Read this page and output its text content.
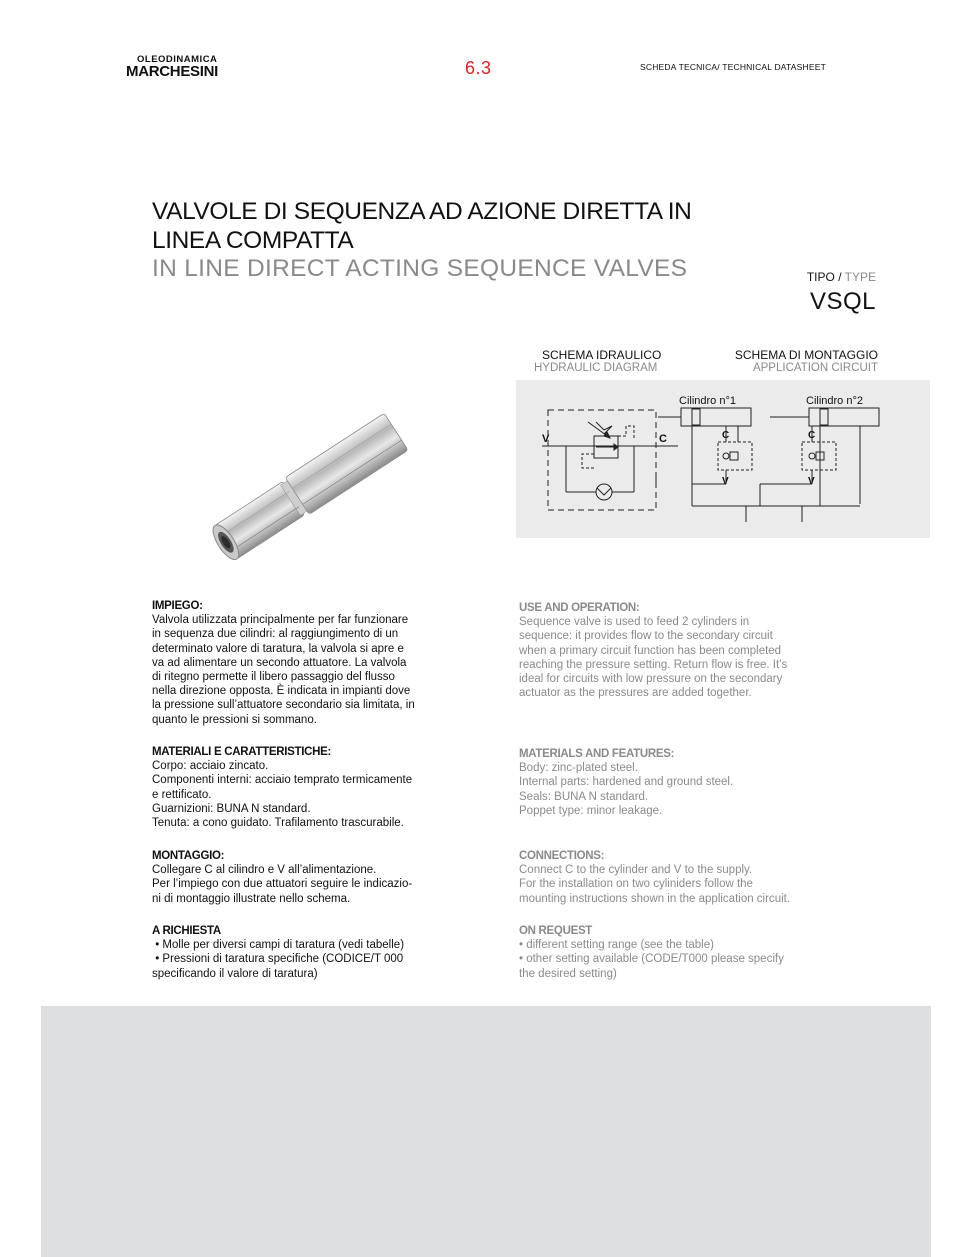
OLEODINAMICA
MARCHESINI	6.3	SCHEDA TECNICA/ TECHNICAL DATASHEET
VALVOLE DI SEQUENZA AD AZIONE DIRETTA IN
LINEA COMPATTA
IN LINE DIRECT ACTING SEQUENCE VALVES	TIPO / TYPE
VSQL
SCHEMA IDRAULICO
HYDRAULIC DIAGRAM
SCHEMA DI MONTAGGIO
APPLICATION CIRCUIT
V	C
Cilindro n°1	Cilindro n°2
C
V
C
V
IMPIEGO:
Valvola utilizzata principalmente per far funzionare
in sequenza due cilindri: al raggiungimento di un
determinato valore di taratura, la valvola si apre e
va ad alimentare un secondo attuatore. La valvola
di ritegno permette il libero passaggio del flusso
nella direzione opposta. È indicata in impianti dove
la pressione sull’attuatore secondario sia limitata, in
quanto le pressioni si sommano.
MATERIALI E CARATTERISTICHE:
Corpo: acciaio zincato.
Componenti interni: acciaio temprato termicamente
e rettificato.
Guarnizioni: BUNA N standard.
Tenuta: a cono guidato. Trafilamento trascurabile.
MONTAGGIO:
Collegare C al cilindro e V all’alimentazione.
Per l’impiego con due attuatori seguire le indicazio-
ni di montaggio illustrate nello schema.
A RICHIESTA
• Molle per diversi campi di taratura (vedi tabelle)
• Pressioni di taratura specifiche (CODICE/T 000
specificando il valore di taratura)
USE AND OPERATION:
Sequence valve is used to feed 2 cylinders in
sequence: it provides flow to the secondary circuit
when a primary circuit function has been completed
reaching the pressure setting. Return flow is free. It’s
ideal for circuits with low pressure on the secondary
actuator as the pressures are added together.
MATERIALS AND FEATURES:
Body: zinc-plated steel.
Internal parts: hardened and ground steel.
Seals: BUNA N standard.
Poppet type: minor leakage.
CONNECTIONS:
Connect C to the cylinder and V to the supply.
For the installation on two cyliniders follow the
mounting instructions shown in the application circuit.
ON REQUEST
• different setting range (see the table)
• other setting available (CODE/T000 please specify
the desired setting)
